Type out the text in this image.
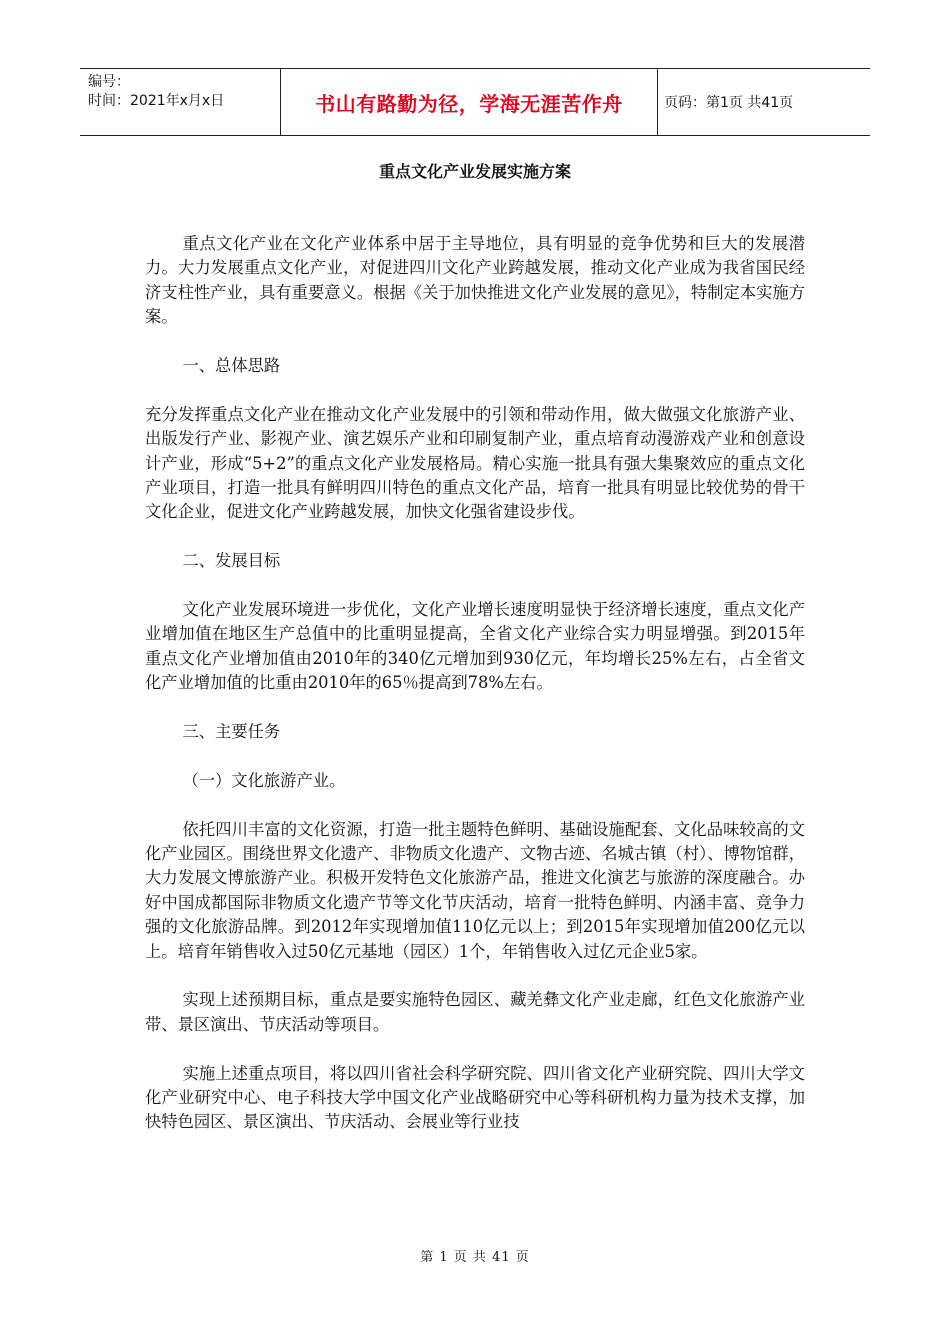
编号：
时间：2021年x月x日	书山有路勤为径，学海无涯苦作舟	页码：第1页 共41页
重点文化产业发展实施方案

重点文化产业在文化产业体系中居于主导地位，具有明显的竞争优势和巨大的发展潜力。大力发展重点文化产业，对促进四川文化产业跨越发展，推动文化产业成为我省国民经济支柱性产业，具有重要意义。根据《关于加快推进文化产业发展的意见》，特制定本实施方案。

一、总体思路

充分发挥重点文化产业在推动文化产业发展中的引领和带动作用，做大做强文化旅游产业、出版发行产业、影视产业、演艺娱乐产业和印刷复制产业，重点培育动漫游戏产业和创意设计产业，形成“5+2”的重点文化产业发展格局。精心实施一批具有强大集聚效应的重点文化产业项目，打造一批具有鲜明四川特色的重点文化产品，培育一批具有明显比较优势的骨干文化企业，促进文化产业跨越发展，加快文化强省建设步伐。

二、发展目标

文化产业发展环境进一步优化，文化产业增长速度明显快于经济增长速度，重点文化产业增加值在地区生产总值中的比重明显提高，全省文化产业综合实力明显增强。到2015年重点文化产业增加值由2010年的340亿元增加到930亿元，年均增长25%左右，占全省文化产业增加值的比重由2010年的65％提高到78%左右。

三、主要任务

（一）文化旅游产业。

依托四川丰富的文化资源，打造一批主题特色鲜明、基础设施配套、文化品味较高的文化产业园区。围绕世界文化遗产、非物质文化遗产、文物古迹、名城古镇（村）、博物馆群，大力发展文博旅游产业。积极开发特色文化旅游产品，推进文化演艺与旅游的深度融合。办好中国成都国际非物质文化遗产节等文化节庆活动，培育一批特色鲜明、内涵丰富、竞争力强的文化旅游品牌。到2012年实现增加值110亿元以上；到2015年实现增加值200亿元以上。培育年销售收入过50亿元基地（园区）1个，年销售收入过亿元企业5家。

实现上述预期目标，重点是要实施特色园区、藏羌彝文化产业走廊，红色文化旅游产业带、景区演出、节庆活动等项目。

实施上述重点项目，将以四川省社会科学研究院、四川省文化产业研究院、四川大学文化产业研究中心、电子科技大学中国文化产业战略研究中心等科研机构力量为技术支撑，加快特色园区、景区演出、节庆活动、会展业等行业技

第 1 页 共 41 页
